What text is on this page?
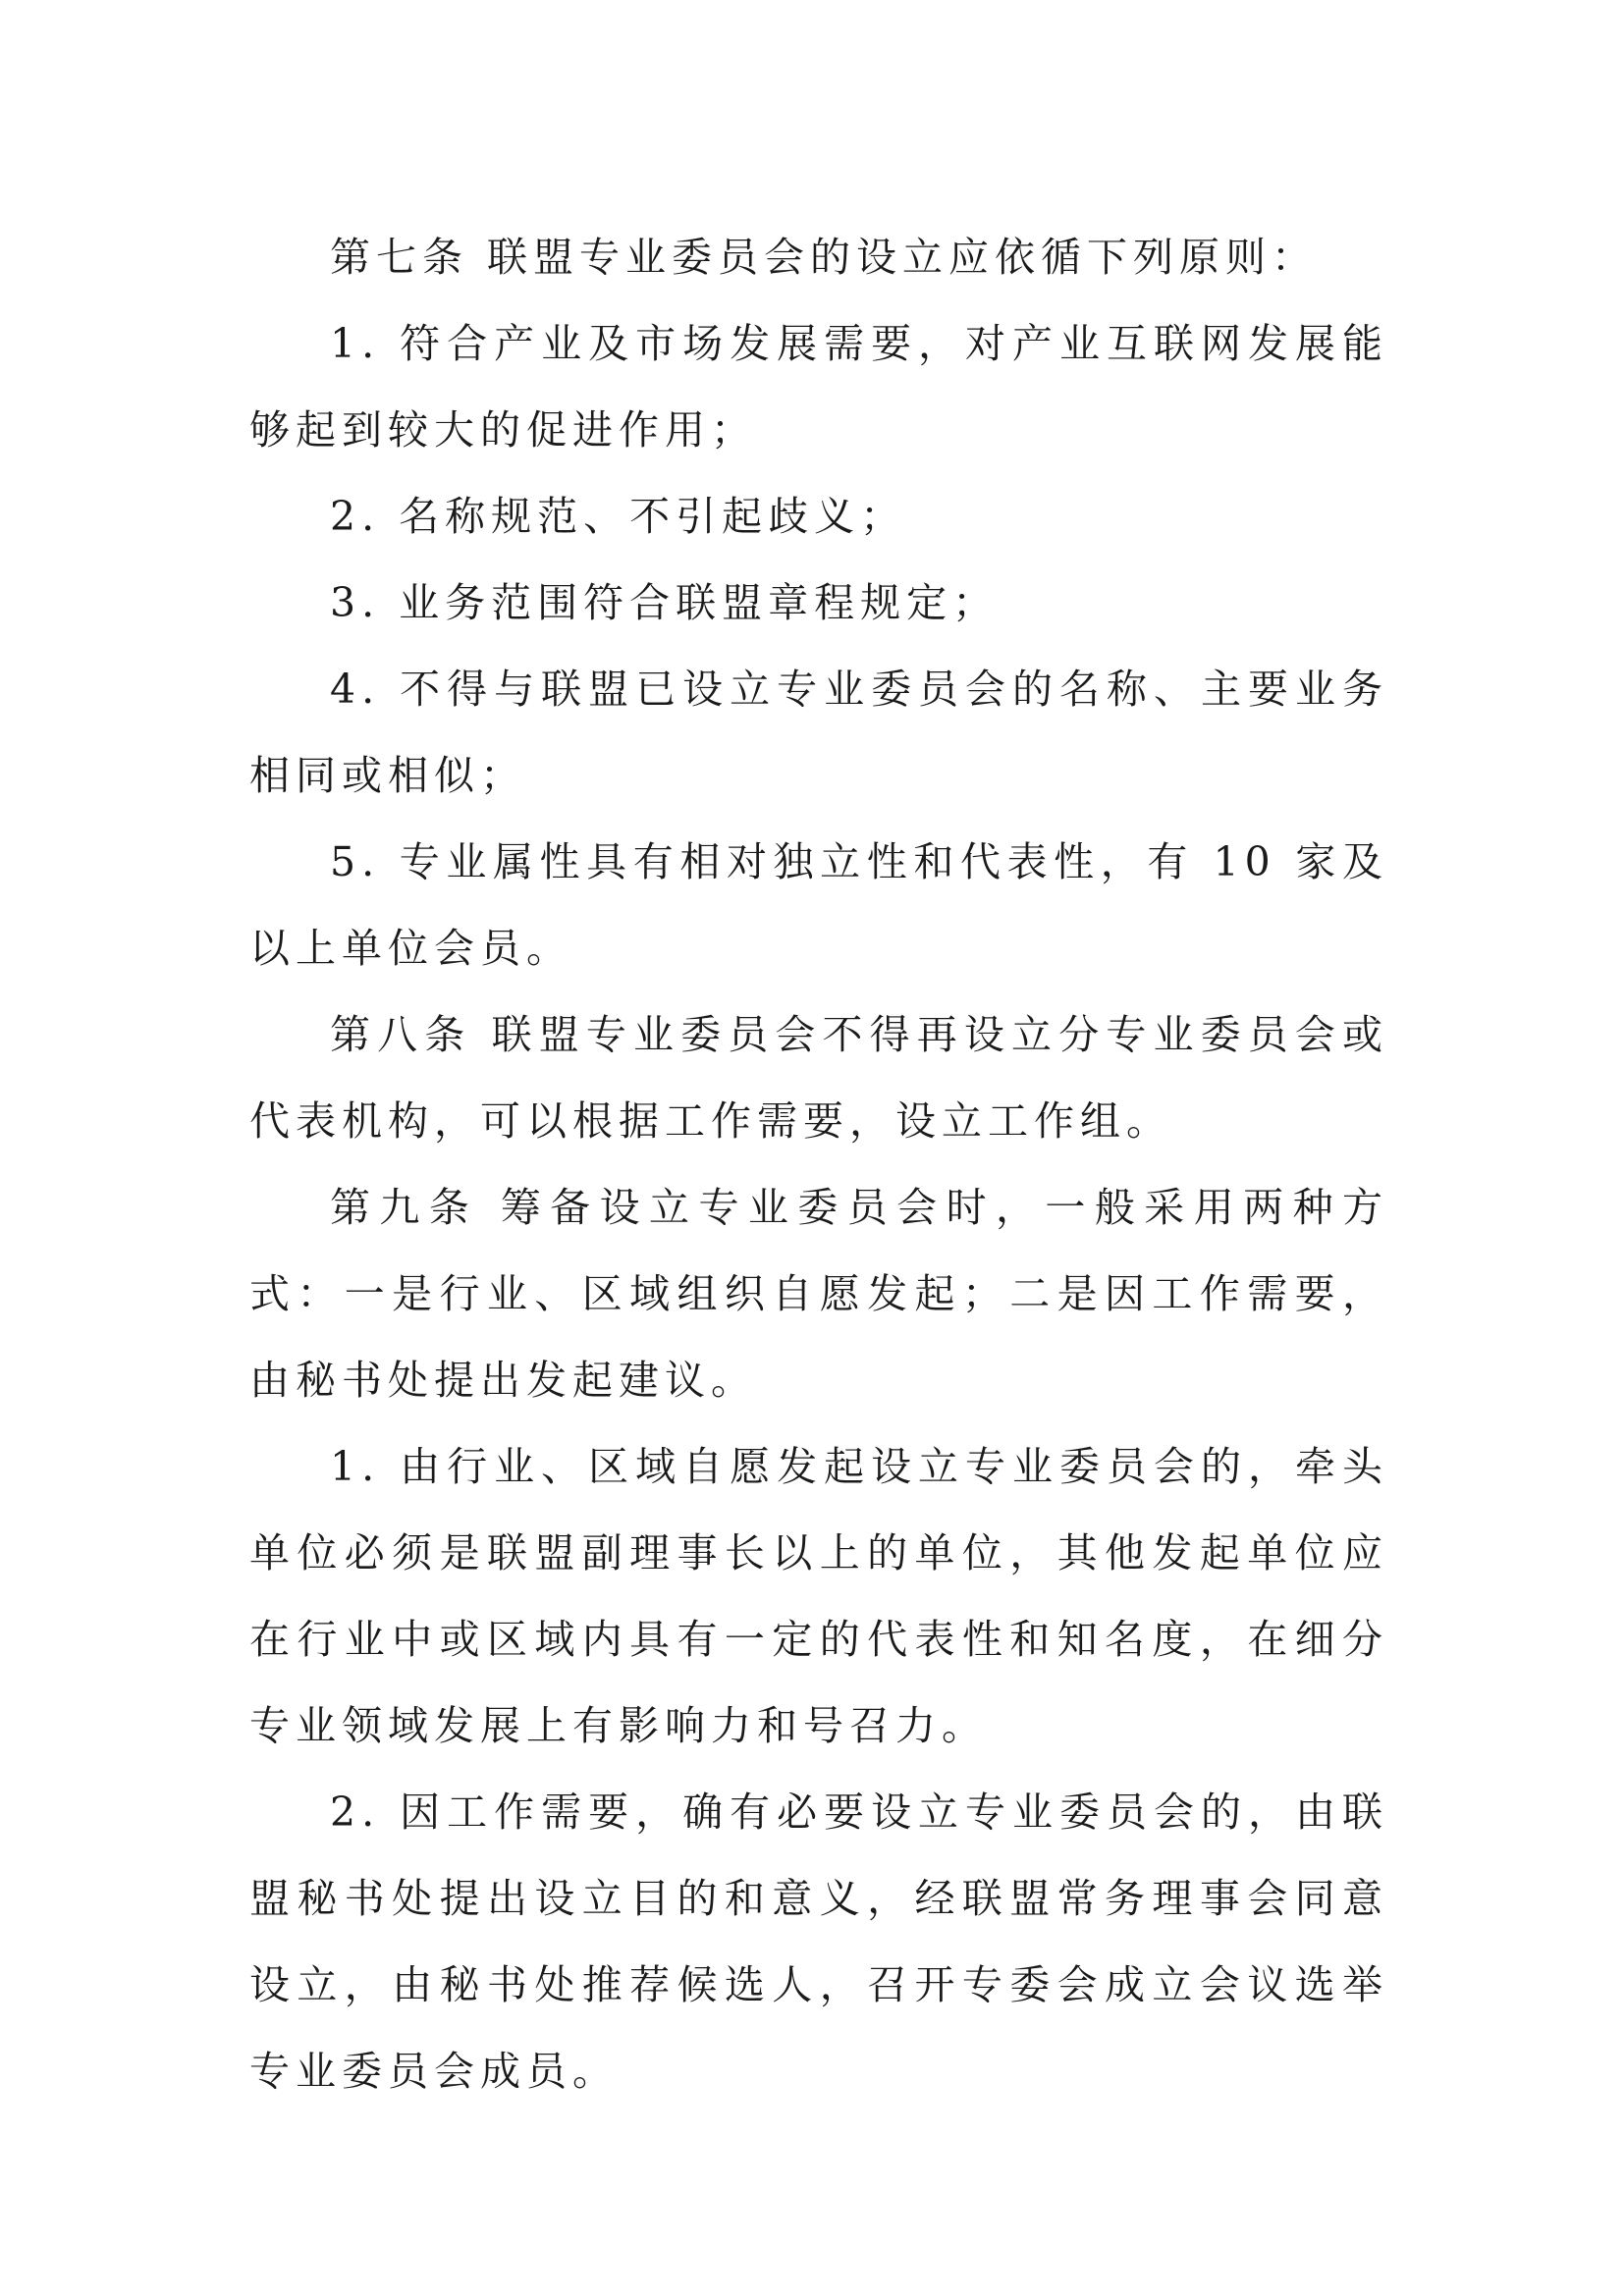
第七条 联盟专业委员会的设立应依循下列原则：

1. 符合产业及市场发展需要，对产业互联网发展能够起到较大的促进作用；

2. 名称规范、不引起歧义；

3. 业务范围符合联盟章程规定；

4. 不得与联盟已设立专业委员会的名称、主要业务相同或相似；

5. 专业属性具有相对独立性和代表性，有 10 家及以上单位会员。

第八条 联盟专业委员会不得再设立分专业委员会或代表机构，可以根据工作需要，设立工作组。

第九条 筹备设立专业委员会时，一般采用两种方式：一是行业、区域组织自愿发起；二是因工作需要，由秘书处提出发起建议。

1. 由行业、区域自愿发起设立专业委员会的，牵头单位必须是联盟副理事长以上的单位，其他发起单位应在行业中或区域内具有一定的代表性和知名度，在细分专业领域发展上有影响力和号召力。

2. 因工作需要，确有必要设立专业委员会的，由联盟秘书处提出设立目的和意义，经联盟常务理事会同意设立，由秘书处推荐候选人，召开专委会成立会议选举专业委员会成员。
